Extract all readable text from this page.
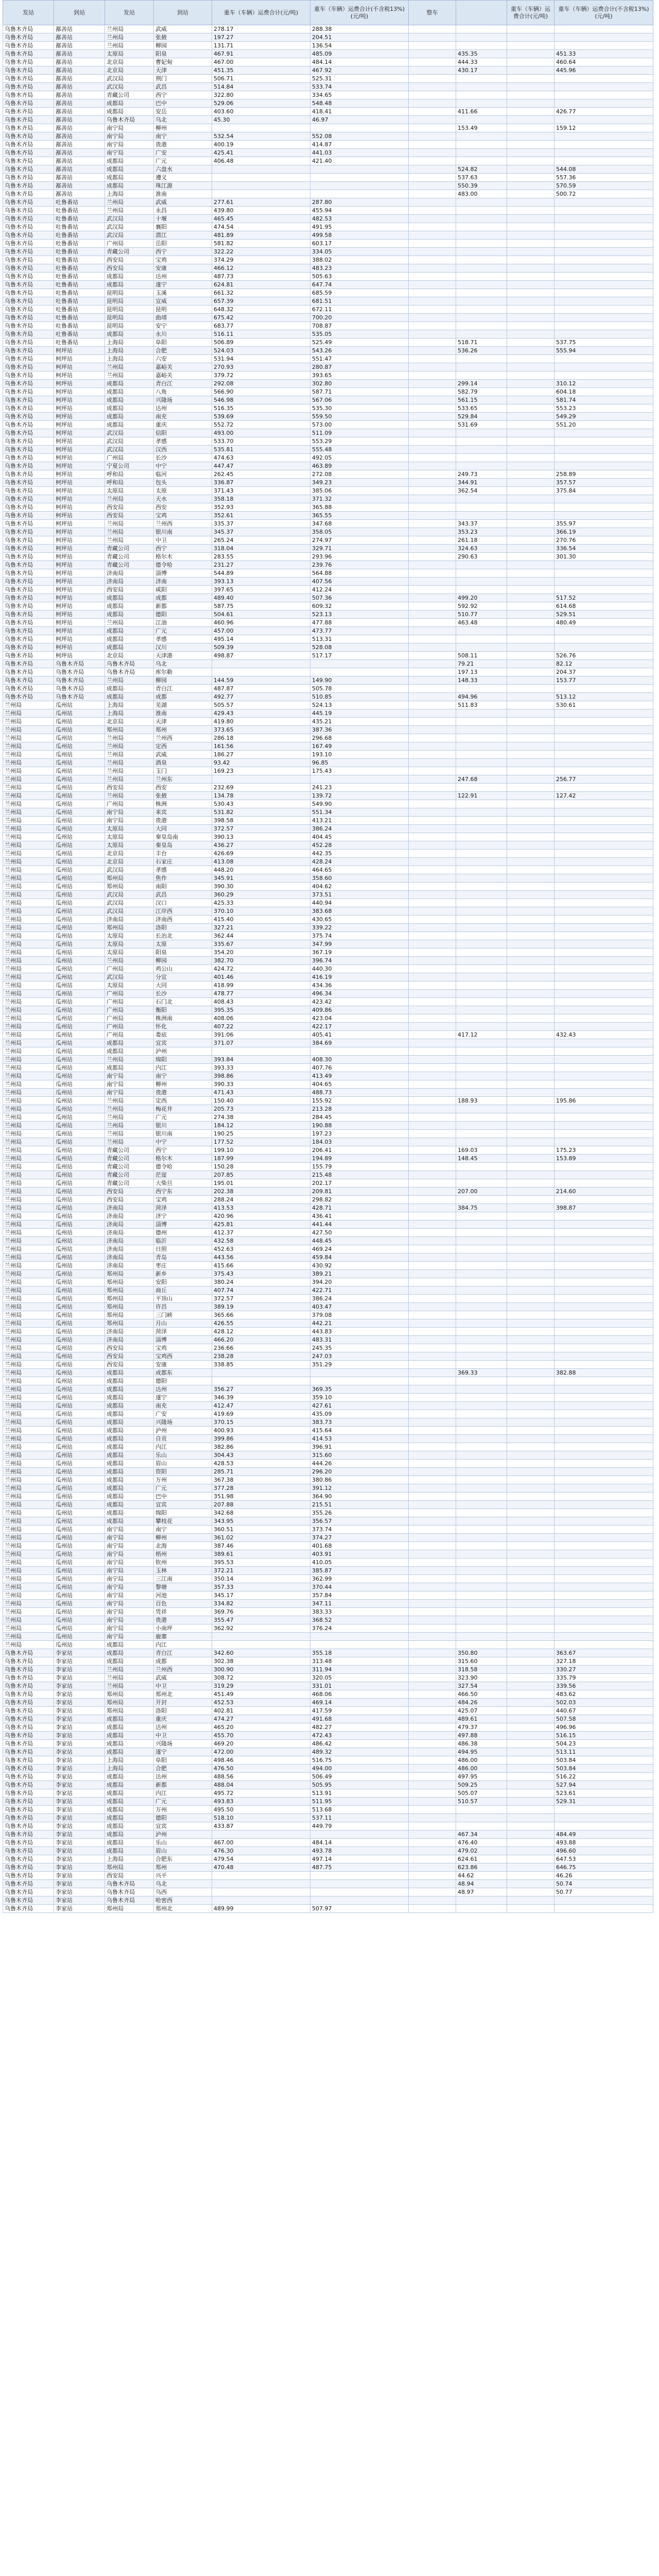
发站	到站	发站	到站	重车（车辆）运费合计(元/吨)	重车（车辆）运费合计(不含税13%)(元/吨)	整车		重车（车辆）运费合计(元/吨)	重车（车辆）运费合计(不含税13%)(元/吨)
乌鲁木齐局	鄯善站	兰州局	武威	278.17	288.38				
乌鲁木齐局	鄯善站	兰州局	张掖	197.27	204.51				
乌鲁木齐局	鄯善站	兰州局	柳园	131.71	136.54				
乌鲁木齐局	鄯善站	太原局	阳泉	467.91	485.09		435.35		451.33
乌鲁木齐局	鄯善站	北京局	曹妃甸	467.00	484.14		444.33		460.64
乌鲁木齐局	鄯善站	北京局	天津	451.35	467.92		430.17		445.96
乌鲁木齐局	鄯善站	武汉局	荆门	506.71	525.31				
乌鲁木齐局	鄯善站	武汉局	武昌	514.84	533.74				
乌鲁木齐局	鄯善站	青藏公司	西宁	322.80	334.65				
乌鲁木齐局	鄯善站	成都局	巴中	529.06	548.48				
乌鲁木齐局	鄯善站	成都局	安岳	403.60	418.41		411.66		426.77
乌鲁木齐局	鄯善站	乌鲁木齐局	乌北	45.30	46.97				
乌鲁木齐局	鄯善站	南宁局	柳州				153.49		159.12
乌鲁木齐局	鄯善站	南宁局	南宁	532.54	552.08				
乌鲁木齐局	鄯善站	南宁局	贵港	400.19	414.87				
乌鲁木齐局	鄯善站	南宁局	广安	425.41	441.03				
乌鲁木齐局	鄯善站	成都局	广元	406.48	421.40				
乌鲁木齐局	鄯善站	成都局	六盘水				524.82		544.08
乌鲁木齐局	鄯善站	成都局	遵义				537.63		557.36
乌鲁木齐局	鄯善站	成都局	珠江源				550.39		570.59
乌鲁木齐局	鄯善站	上海局	淮南				483.00		500.72
乌鲁木齐局	吐鲁番站	兰州局	武威	277.61	287.80				
乌鲁木齐局	吐鲁番站	兰州局	永昌	439.80	455.94				
乌鲁木齐局	吐鲁番站	武汉局	十堰	465.45	482.53				
乌鲁木齐局	吐鲁番站	武汉局	襄阳	474.54	491.95				
乌鲁木齐局	吐鲁番站	武汉局	潜江	481.89	499.58				
乌鲁木齐局	吐鲁番站	广州局	岳阳	581.82	603.17				
乌鲁木齐局	吐鲁番站	青藏公司	西宁	322.22	334.05				
乌鲁木齐局	吐鲁番站	西安局	宝鸡	374.29	388.02				
乌鲁木齐局	吐鲁番站	西安局	安康	466.12	483.23				
乌鲁木齐局	吐鲁番站	成都局	达州	487.73	505.63				
乌鲁木齐局	吐鲁番站	成都局	遂宁	624.81	647.74				
乌鲁木齐局	吐鲁番站	昆明局	玉溪	661.32	685.59				
乌鲁木齐局	吐鲁番站	昆明局	宣威	657.39	681.51				
乌鲁木齐局	吐鲁番站	昆明局	昆明	648.32	672.11				
乌鲁木齐局	吐鲁番站	昆明局	曲靖	675.42	700.20				
乌鲁木齐局	吐鲁番站	昆明局	安宁	683.77	708.87				
乌鲁木齐局	吐鲁番站	成都局	永川	516.11	535.05				
乌鲁木齐局	吐鲁番站	上海局	阜阳	506.89	525.49		518.71		537.75
乌鲁木齐局	柯坪站	上海局	合肥	524.03	543.26		536.26		555.94
乌鲁木齐局	柯坪站	上海局	六安	531.94	551.47				
乌鲁木齐局	柯坪站	兰州局	嘉峪关	270.93	280.87				
乌鲁木齐局	柯坪站	兰州局	嘉峪关	379.72	393.65				
乌鲁木齐局	柯坪站	成都局	青白江	292.08	302.80		299.14		310.12
乌鲁木齐局	柯坪站	成都局	八角	566.90	587.71		582.79		604.18
乌鲁木齐局	柯坪站	成都局	兴隆场	546.98	567.06		561.15		581.74
乌鲁木齐局	柯坪站	成都局	达州	516.35	535.30		533.65		553.23
乌鲁木齐局	柯坪站	成都局	南充	539.69	559.50		529.84		549.29
乌鲁木齐局	柯坪站	成都局	重庆	552.72	573.00		531.69		551.20
乌鲁木齐局	柯坪站	武汉局	信阳	493.00	511.09				
乌鲁木齐局	柯坪站	武汉局	孝感	533.70	553.29				
乌鲁木齐局	柯坪站	武汉局	汉西	535.81	555.48				
乌鲁木齐局	柯坪站	广州局	长沙	474.63	492.05				
乌鲁木齐局	柯坪站	宁夏公司	中宁	447.47	463.89				
乌鲁木齐局	柯坪站	呼和局	临河	262.45	272.08		249.73		258.89
乌鲁木齐局	柯坪站	呼和局	包头	336.87	349.23		344.91		357.57
乌鲁木齐局	柯坪站	太原局	太原	371.43	385.06		362.54		375.84
乌鲁木齐局	柯坪站	兰州局	天水	358.18	371.32				
乌鲁木齐局	柯坪站	西安局	西安	352.93	365.88				
乌鲁木齐局	柯坪站	西安局	宝鸡	352.61	365.55				
乌鲁木齐局	柯坪站	兰州局	兰州西	335.37	347.68		343.37		355.97
乌鲁木齐局	柯坪站	兰州局	银川南	345.37	358.05		353.23		366.19
乌鲁木齐局	柯坪站	兰州局	中卫	265.24	274.97		261.18		270.76
乌鲁木齐局	柯坪站	青藏公司	西宁	318.04	329.71		324.63		336.54
乌鲁木齐局	柯坪站	青藏公司	格尔木	283.55	293.96		290.63		301.30
乌鲁木齐局	柯坪站	青藏公司	德令哈	231.27	239.76				
乌鲁木齐局	柯坪站	济南局	淄博	544.89	564.88				
乌鲁木齐局	柯坪站	济南局	济南	393.13	407.56				
乌鲁木齐局	柯坪站	西安局	咸阳	397.65	412.24				
乌鲁木齐局	柯坪站	成都局	成都	489.40	507.36		499.20		517.52
乌鲁木齐局	柯坪站	成都局	新都	587.75	609.32		592.92		614.68
乌鲁木齐局	柯坪站	成都局	德阳	504.61	523.13		510.77		529.51
乌鲁木齐局	柯坪站	兰州局	江油	460.96	477.88		463.48		480.49
乌鲁木齐局	柯坪站	成都局	广元	457.00	473.77				
乌鲁木齐局	柯坪站	成都局	孝感	495.14	513.31				
乌鲁木齐局	柯坪站	成都局	汉川	509.39	528.08				
乌鲁木齐局	柯坪站	北京局	天津港	498.87	517.17		508.11		526.76
乌鲁木齐局	乌鲁木齐局	乌鲁木齐局	乌北				79.21		82.12
乌鲁木齐局	乌鲁木齐局	乌鲁木齐局	库尔勒				197.13		204.37
乌鲁木齐局	乌鲁木齐局	兰州局	柳园	144.59	149.90		148.33		153.77
乌鲁木齐局	乌鲁木齐局	成都局	青白江	487.87	505.78				
乌鲁木齐局	乌鲁木齐局	成都局	成都	492.77	510.85		494.96		513.12
兰州局	瓜州站	上海局	芜湖	505.57	524.13		511.83		530.61
兰州局	瓜州站	上海局	淮南	429.43	445.19				
兰州局	瓜州站	北京局	天津	419.80	435.21				
兰州局	瓜州站	郑州局	郑州	373.65	387.36				
兰州局	瓜州站	兰州局	兰州西	286.18	296.68				
兰州局	瓜州站	兰州局	定西	161.56	167.49				
兰州局	瓜州站	兰州局	武威	186.27	193.10				
兰州局	瓜州站	兰州局	酒泉	93.42	96.85				
兰州局	瓜州站	兰州局	玉门	169.23	175.43				
兰州局	瓜州站	兰州局	兰州东				247.68		256.77
兰州局	瓜州站	西安局	西安	232.69	241.23				
兰州局	瓜州站	兰州局	张掖	134.78	139.72		122.91		127.42
兰州局	瓜州站	广州局	株洲	530.43	549.90				
兰州局	瓜州站	南宁局	来宾	531.82	551.34				
兰州局	瓜州站	南宁局	贵港	398.58	413.21				
兰州局	瓜州站	太原局	大同	372.57	386.24				
兰州局	瓜州站	太原局	秦皇岛南	390.13	404.45				
兰州局	瓜州站	太原局	秦皇岛	436.27	452.28				
兰州局	瓜州站	北京局	丰台	426.69	442.35				
兰州局	瓜州站	北京局	石家庄	413.08	428.24				
兰州局	瓜州站	武汉局	孝感	448.20	464.65				
兰州局	瓜州站	郑州局	焦作	345.91	358.60				
兰州局	瓜州站	郑州局	南阳	390.30	404.62				
兰州局	瓜州站	武汉局	武昌	360.29	373.51				
兰州局	瓜州站	武汉局	汉口	425.33	440.94				
兰州局	瓜州站	武汉局	江岸西	370.10	383.68				
兰州局	瓜州站	济南局	济南西	415.40	430.65				
兰州局	瓜州站	郑州局	洛阳	327.21	339.22				
兰州局	瓜州站	太原局	长治北	362.44	375.74				
兰州局	瓜州站	太原局	太原	335.67	347.99				
兰州局	瓜州站	太原局	阳泉	354.20	367.19				
兰州局	瓜州站	兰州局	柳园	382.70	396.74				
兰州局	瓜州站	广州局	鸡公山	424.72	440.30				
兰州局	瓜州站	武汉局	分宜	401.46	416.19				
兰州局	瓜州站	太原局	大同	418.99	434.36				
兰州局	瓜州站	广州局	长沙	478.77	496.34				
兰州局	瓜州站	广州局	石门北	408.43	423.42				
兰州局	瓜州站	广州局	衡阳	395.35	409.86				
兰州局	瓜州站	广州局	株洲南	408.06	423.04				
兰州局	瓜州站	广州局	怀化	407.22	422.17				
兰州局	瓜州站	广州局	娄底	391.06	405.41		417.12		432.43
兰州局	瓜州站	成都局	宜宾	371.07	384.69				
兰州局	瓜州站	成都局	泸州						
兰州局	瓜州站	兰州局	绵阳	393.84	408.30				
兰州局	瓜州站	成都局	内江	393.33	407.76				
兰州局	瓜州站	南宁局	南宁	398.86	413.49				
兰州局	瓜州站	南宁局	柳州	390.33	404.65				
兰州局	瓜州站	南宁局	贵港	471.43	488.73				
兰州局	瓜州站	兰州局	定西	150.40	155.92		188.93		195.86
兰州局	瓜州站	兰州局	梅花井	205.73	213.28				
兰州局	瓜州站	兰州局	广元	274.38	284.45				
兰州局	瓜州站	兰州局	银川	184.12	190.88				
兰州局	瓜州站	兰州局	银川南	190.25	197.23				
兰州局	瓜州站	兰州局	中宁	177.52	184.03				
兰州局	瓜州站	青藏公司	西宁	199.10	206.41		169.03		175.23
兰州局	瓜州站	青藏公司	格尔木	187.99	194.89		148.45		153.89
兰州局	瓜州站	青藏公司	德令哈	150.28	155.79				
兰州局	瓜州站	青藏公司	茫崖	207.85	215.48				
兰州局	瓜州站	青藏公司	大柴旦	195.01	202.17				
兰州局	瓜州站	西安局	西宁东	202.38	209.81		207.00		214.60
兰州局	瓜州站	西安局	宝鸡	288.24	298.82				
兰州局	瓜州站	济南局	菏泽	413.53	428.71		384.75		398.87
兰州局	瓜州站	济南局	济宁	420.96	436.41				
兰州局	瓜州站	济南局	淄博	425.81	441.44				
兰州局	瓜州站	济南局	德州	412.37	427.50				
兰州局	瓜州站	济南局	临沂	432.58	448.45				
兰州局	瓜州站	济南局	日照	452.63	469.24				
兰州局	瓜州站	济南局	青岛	443.56	459.84				
兰州局	瓜州站	济南局	枣庄	415.66	430.92				
兰州局	瓜州站	郑州局	新乡	375.43	389.21				
兰州局	瓜州站	郑州局	安阳	380.24	394.20				
兰州局	瓜州站	郑州局	商丘	407.74	422.71				
兰州局	瓜州站	郑州局	平顶山	372.57	386.24				
兰州局	瓜州站	郑州局	许昌	389.19	403.47				
兰州局	瓜州站	郑州局	三门峡	365.66	379.08				
兰州局	瓜州站	郑州局	月山	426.55	442.21				
兰州局	瓜州站	济南局	菏泽	428.12	443.83				
兰州局	瓜州站	济南局	淄博	466.20	483.31				
兰州局	瓜州站	西安局	宝鸡	236.66	245.35				
兰州局	瓜州站	西安局	宝鸡西	238.28	247.03				
兰州局	瓜州站	西安局	安康	338.85	351.29				
兰州局	瓜州站	成都局	成都东				369.33		382.88
兰州局	瓜州站	成都局	德阳						
兰州局	瓜州站	成都局	达州	356.27	369.35				
兰州局	瓜州站	成都局	遂宁	346.39	359.10				
兰州局	瓜州站	成都局	南充	412.47	427.61				
兰州局	瓜州站	成都局	广安	419.69	435.09				
兰州局	瓜州站	成都局	兴隆场	370.15	383.73				
兰州局	瓜州站	成都局	泸州	400.93	415.64				
兰州局	瓜州站	成都局	自贡	399.86	414.53				
兰州局	瓜州站	成都局	内江	382.86	396.91				
兰州局	瓜州站	成都局	乐山	304.43	315.60				
兰州局	瓜州站	成都局	眉山	428.53	444.26				
兰州局	瓜州站	成都局	资阳	285.71	296.20				
兰州局	瓜州站	成都局	万州	367.38	380.86				
兰州局	瓜州站	成都局	广元	377.28	391.12				
兰州局	瓜州站	成都局	巴中	351.98	364.90				
兰州局	瓜州站	成都局	宜宾	207.88	215.51				
兰州局	瓜州站	成都局	绵阳	342.68	355.26				
兰州局	瓜州站	成都局	攀枝花	343.95	356.57				
兰州局	瓜州站	南宁局	南宁	360.51	373.74				
兰州局	瓜州站	南宁局	柳州	361.02	374.27				
兰州局	瓜州站	南宁局	北海	387.46	401.68				
兰州局	瓜州站	南宁局	梧州	389.61	403.91				
兰州局	瓜州站	南宁局	钦州	395.53	410.05				
兰州局	瓜州站	南宁局	玉林	372.21	385.87				
兰州局	瓜州站	南宁局	三江南	350.14	362.99				
兰州局	瓜州站	南宁局	黎塘	357.33	370.44				
兰州局	瓜州站	南宁局	河池	345.17	357.84				
兰州局	瓜州站	南宁局	百色	334.82	347.11				
兰州局	瓜州站	南宁局	凭祥	369.76	383.33				
兰州局	瓜州站	南宁局	贵港	355.47	368.52				
兰州局	瓜州站	南宁局	小南坪	362.92	376.24				
兰州局	瓜州站	南宁局	鹿寨						
兰州局	瓜州站	成都局	内江						
乌鲁木齐局	李家站	成都局	青白江	342.60	355.18		350.80		363.67
乌鲁木齐局	李家站	成都局	成都	302.38	313.48		315.60		327.18
乌鲁木齐局	李家站	兰州局	兰州西	300.90	311.94		318.58		330.27
乌鲁木齐局	李家站	兰州局	武威	308.72	320.05		323.90		335.79
乌鲁木齐局	李家站	兰州局	中卫	319.29	331.01		327.54		339.56
乌鲁木齐局	李家站	郑州局	郑州北	451.49	468.06		466.50		483.62
乌鲁木齐局	李家站	郑州局	开封	452.53	469.14		484.26		502.03
乌鲁木齐局	李家站	郑州局	洛阳	402.81	417.59		425.07		440.67
乌鲁木齐局	李家站	成都局	重庆	474.27	491.68		489.61		507.58
乌鲁木齐局	李家站	成都局	达州	465.20	482.27		479.37		496.96
乌鲁木齐局	李家站	成都局	中卫	455.70	472.43		497.88		516.15
乌鲁木齐局	李家站	成都局	兴隆场	469.20	486.42		486.38		504.23
乌鲁木齐局	李家站	成都局	遂宁	472.00	489.32		494.95		513.11
乌鲁木齐局	李家站	上海局	阜阳	498.46	516.75		486.00		503.84
乌鲁木齐局	李家站	上海局	合肥	476.50	494.00		486.00		503.84
乌鲁木齐局	李家站	成都局	达州	488.56	506.49		497.95		516.22
乌鲁木齐局	李家站	成都局	新都	488.04	505.95		509.25		527.94
乌鲁木齐局	李家站	成都局	内江	495.72	513.91		505.07		523.61
乌鲁木齐局	李家站	成都局	广元	493.83	511.95		510.57		529.31
乌鲁木齐局	李家站	成都局	万州	495.50	513.68				
乌鲁木齐局	李家站	成都局	德阳	518.10	537.11				
乌鲁木齐局	李家站	成都局	宜宾	433.87	449.79				
乌鲁木齐局	李家站	成都局	泸州				467.34		484.49
乌鲁木齐局	李家站	成都局	乐山	467.00	484.14		476.40		493.88
乌鲁木齐局	李家站	成都局	眉山	476.30	493.78		479.02		496.60
乌鲁木齐局	李家站	上海局	合肥东	479.54	497.14		624.61		647.53
乌鲁木齐局	李家站	郑州局	郑州	470.48	487.75		623.86		646.75
乌鲁木齐局	李家站	西安局	兴平				44.62		46.26
乌鲁木齐局	李家站	乌鲁木齐局	乌北				48.94		50.74
乌鲁木齐局	李家站	乌鲁木齐局	乌西				48.97		50.77
乌鲁木齐局	李家站	乌鲁木齐局	哈密西						
乌鲁木齐局	李家站	郑州局	郑州北	489.99	507.97				
